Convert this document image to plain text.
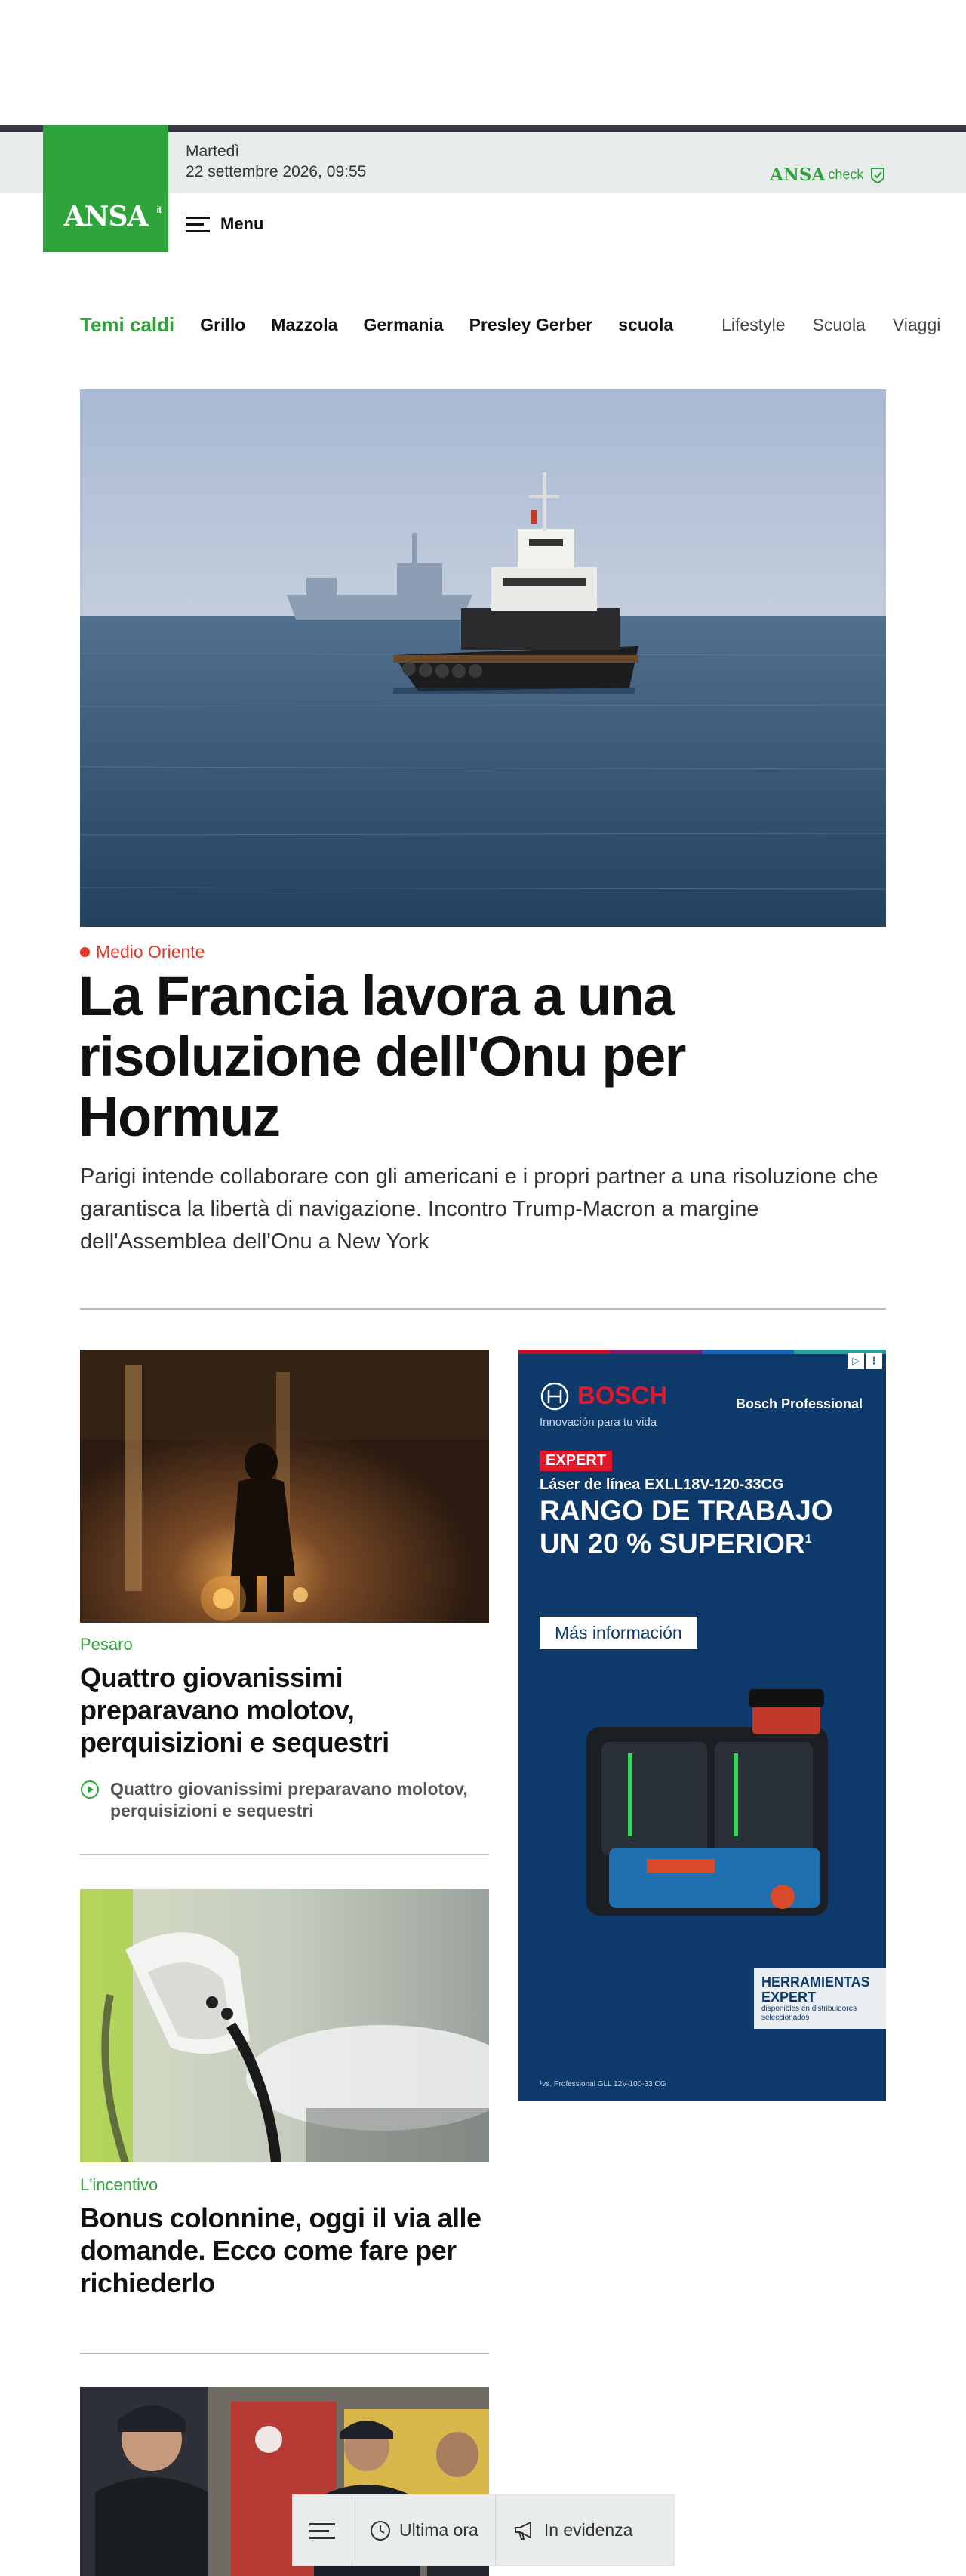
ANSA it
Martedì
22 settembre 2026, 09:55	ANSA check
Menu
Temi caldi Grillo Mazzola Germania Presley Gerber scuola	Lifestyle Scuola Viaggi
Medio Oriente
La Francia lavora a una risoluzione dell'Onu per Hormuz

Parigi intende collaborare con gli americani e i propri partner a una risoluzione che garantisca la libertà di navigazione. Incontro Trump-Macron a margine dell'Assemblea dell'Onu a New York

Pesaro
Quattro giovanissimi preparavano molotov, perquisizioni e sequestri
Quattro giovanissimi preparavano molotov, perquisizioni e sequestri
L'incentivo
Bonus colonnine, oggi il via alle domande. Ecco come fare per richiederlo
▷ ⋮
BOSCH
Innovación para tu vida
Bosch Professional
EXPERT
Láser de línea EXLL18V-120-33CG
RANGO DE TRABAJO UN 20 % SUPERIOR$^1$
Más información
HERRAMIENTAS EXPERT
disponibles en distribuidores seleccionados
¹vs. Professional GLL 12V-100-33 CG
Ultima ora	In evidenza
